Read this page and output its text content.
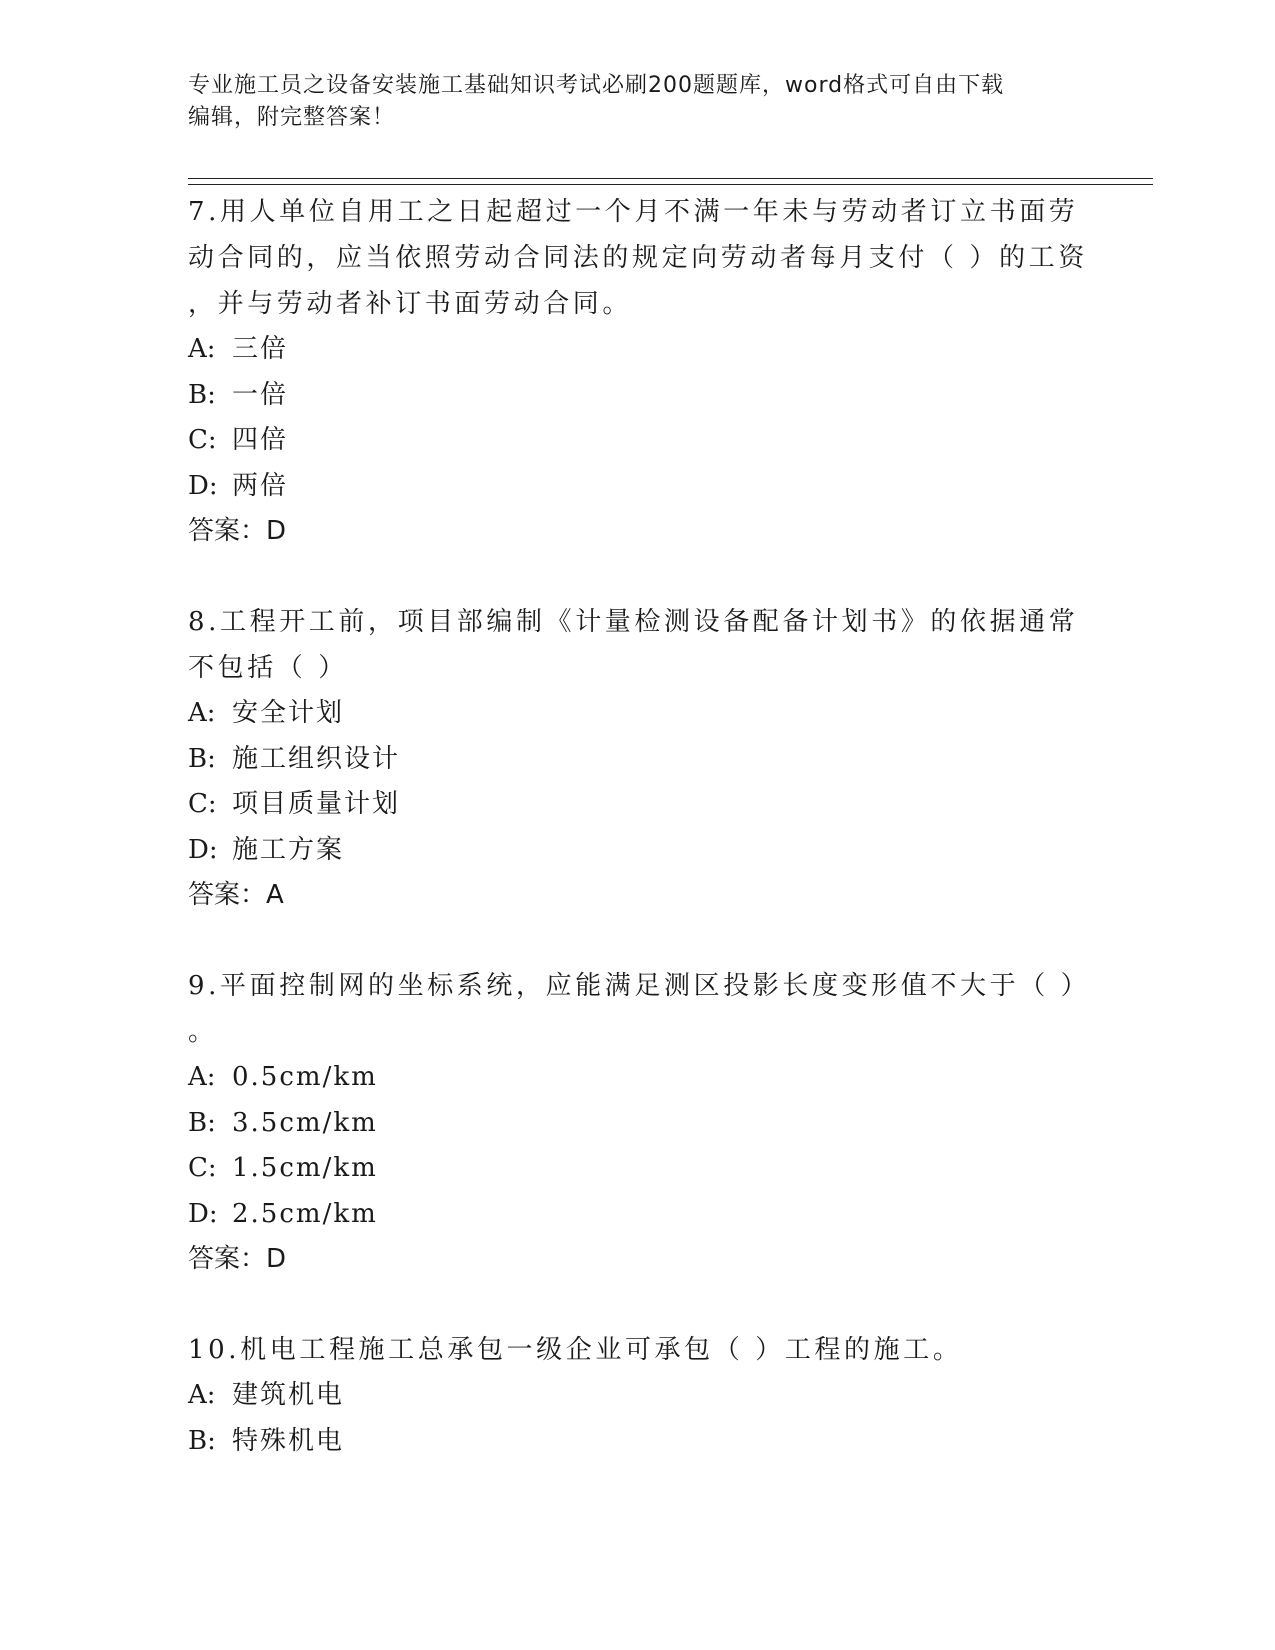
专业施工员之设备安装施工基础知识考试必刷200题题库，word格式可自由下载
编辑，附完整答案！

7.用人单位自用工之日起超过一个月不满一年未与劳动者订立书面劳

动合同的，应当依照劳动合同法的规定向劳动者每月支付（ ）的工资

，并与劳动者补订书面劳动合同。

A: 三倍

B: 一倍

C: 四倍

D: 两倍

答案：D

8.工程开工前，项目部编制《计量检测设备配备计划书》的依据通常

不包括（ ）

A: 安全计划

B: 施工组织设计

C: 项目质量计划

D: 施工方案

答案：A

9.平面控制网的坐标系统，应能满足测区投影长度变形值不大于（ ）

。

A: 0.5cm/km

B: 3.5cm/km

C: 1.5cm/km

D: 2.5cm/km

答案：D

10.机电工程施工总承包一级企业可承包（ ）工程的施工。

A: 建筑机电

B: 特殊机电
